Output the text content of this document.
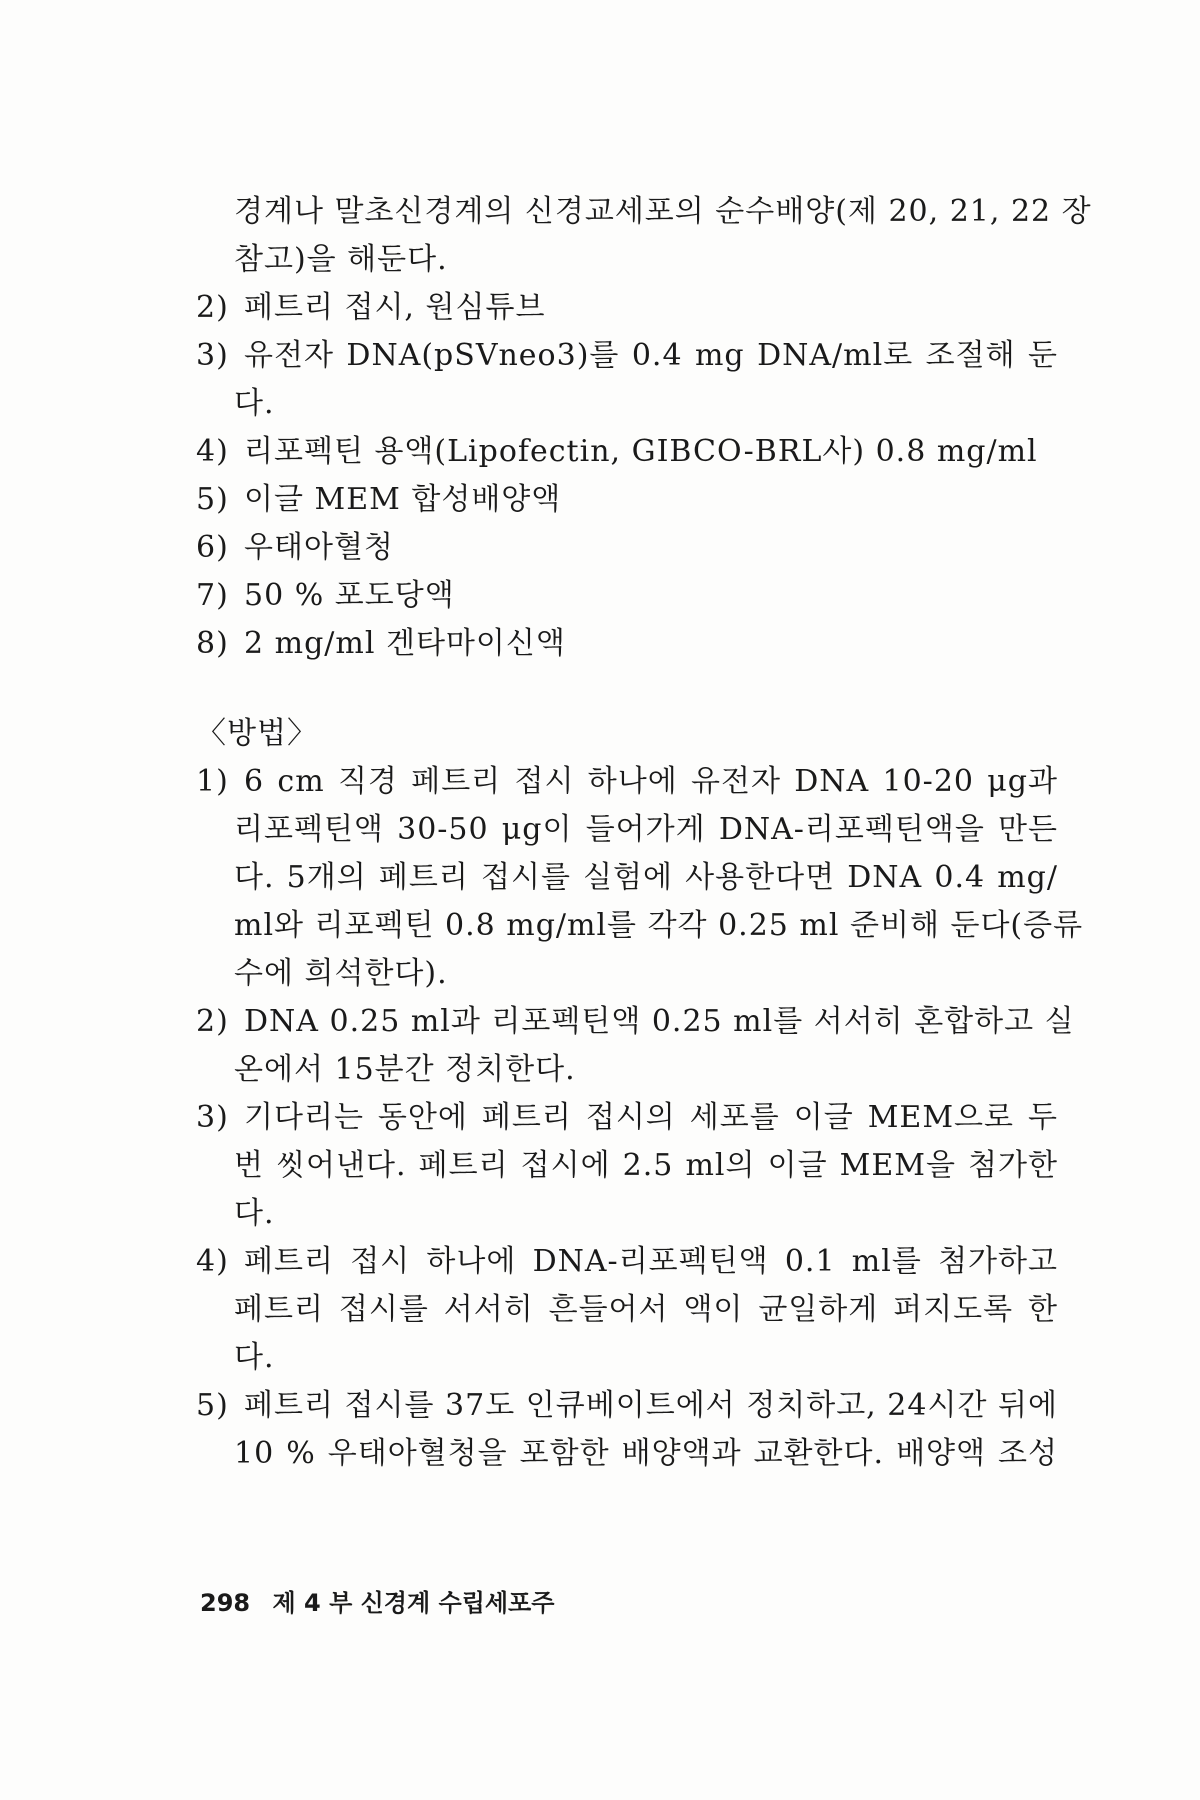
경계나 말초신경계의 신경교세포의 순수배양(제 20, 21, 22 장
참고)을 해둔다.
2) 페트리 접시, 원심튜브
3) 유전자 DNA(pSVneo3)를 0.4 mg DNA/ml로 조절해 둔
다.
4) 리포펙틴 용액(Lipofectin, GIBCO-BRL사) 0.8 mg/ml
5) 이글 MEM 합성배양액
6) 우태아혈청
7) 50 % 포도당액
8) 2 mg/ml 겐타마이신액
〈방법〉
1) 6 cm 직경 페트리 접시 하나에 유전자 DNA 10-20 μg과
리포펙틴액 30-50 μg이 들어가게 DNA-리포펙틴액을 만든
다. 5개의 페트리 접시를 실험에 사용한다면 DNA 0.4 mg/
ml와 리포펙틴 0.8 mg/ml를 각각 0.25 ml 준비해 둔다(증류
수에 희석한다).
2) DNA 0.25 ml과 리포펙틴액 0.25 ml를 서서히 혼합하고 실
온에서 15분간 정치한다.
3) 기다리는 동안에 페트리 접시의 세포를 이글 MEM으로 두
번 씻어낸다. 페트리 접시에 2.5 ml의 이글 MEM을 첨가한
다.
4) 페트리 접시 하나에 DNA-리포펙틴액 0.1 ml를 첨가하고
페트리 접시를 서서히 흔들어서 액이 균일하게 퍼지도록 한
다.
5) 페트리 접시를 37도 인큐베이트에서 정치하고, 24시간 뒤에
10 % 우태아혈청을 포함한 배양액과 교환한다. 배양액 조성
298 제 4 부 신경계 수립세포주
